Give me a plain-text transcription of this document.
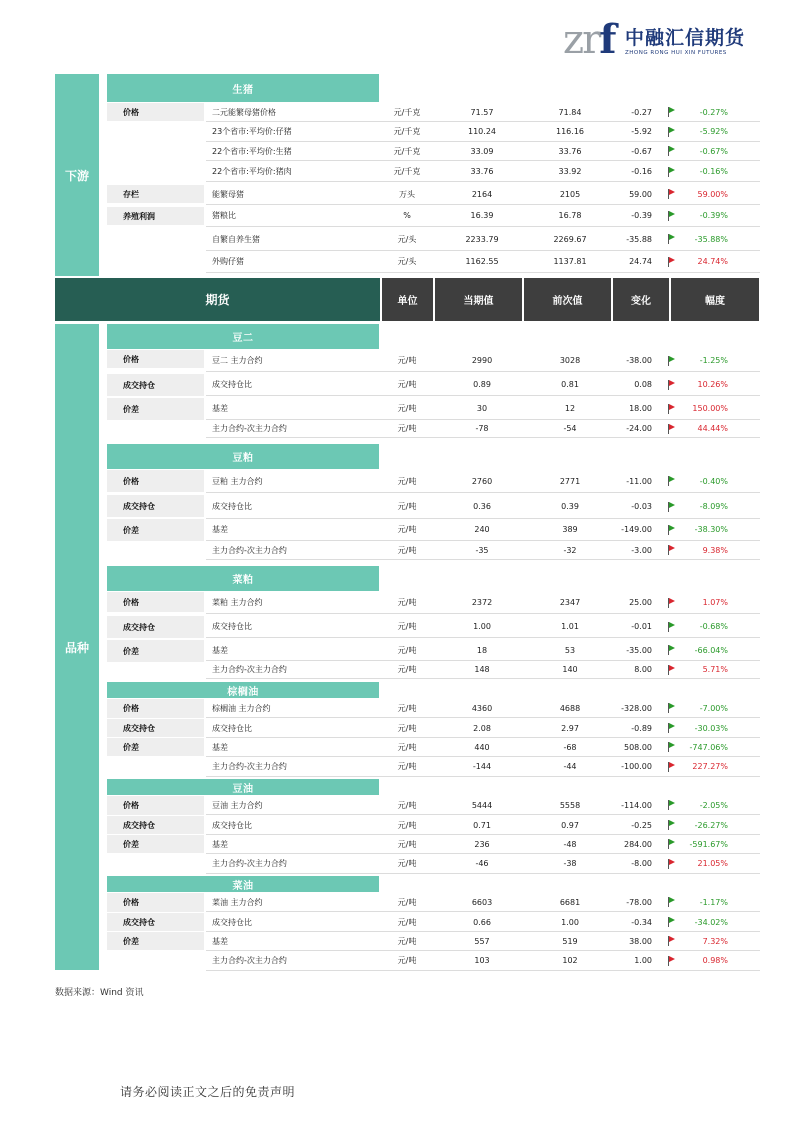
zrf 中融汇信期货
ZHONG RONG HUI XIN FUTURES
下游
生猪
价格
存栏
养殖利润
二元能繁母猪价格	元/千克	71.57	71.84	-0.27	-0.27%
23个省市:平均价:仔猪	元/千克	110.24	116.16	-5.92	-5.92%
22个省市:平均价:生猪	元/千克	33.09	33.76	-0.67	-0.67%
22个省市:平均价:猪肉	元/千克	33.76	33.92	-0.16	-0.16%
能繁母猪	万头	2164	2105	59.00	59.00%
猪粮比	%	16.39	16.78	-0.39	-0.39%
自繁自养生猪	元/头	2233.79	2269.67	-35.88	-35.88%
外购仔猪	元/头	1162.55	1137.81	24.74	24.74%
期货	单位	当期值	前次值	变化	幅度
品种
豆二
价格
成交持仓
价差
豆二 主力合约	元/吨	2990	3028	-38.00	-1.25%
成交持仓比	元/吨	0.89	0.81	0.08	10.26%
基差	元/吨	30	12	18.00	150.00%
主力合约-次主力合约	元/吨	-78	-54	-24.00	44.44%
豆粕
价格
成交持仓
价差
豆粕 主力合约	元/吨	2760	2771	-11.00	-0.40%
成交持仓比	元/吨	0.36	0.39	-0.03	-8.09%
基差	元/吨	240	389	-149.00	-38.30%
主力合约-次主力合约	元/吨	-35	-32	-3.00	9.38%
菜粕
价格
成交持仓
价差
菜粕 主力合约	元/吨	2372	2347	25.00	1.07%
成交持仓比	元/吨	1.00	1.01	-0.01	-0.68%
基差	元/吨	18	53	-35.00	-66.04%
主力合约-次主力合约	元/吨	148	140	8.00	5.71%
棕榈油
价格
成交持仓
价差
棕榈油 主力合约	元/吨	4360	4688	-328.00	-7.00%
成交持仓比	元/吨	2.08	2.97	-0.89	-30.03%
基差	元/吨	440	-68	508.00	-747.06%
主力合约-次主力合约	元/吨	-144	-44	-100.00	227.27%
豆油
价格
成交持仓
价差
豆油 主力合约	元/吨	5444	5558	-114.00	-2.05%
成交持仓比	元/吨	0.71	0.97	-0.25	-26.27%
基差	元/吨	236	-48	284.00	-591.67%
主力合约-次主力合约	元/吨	-46	-38	-8.00	21.05%
菜油
价格
成交持仓
价差
菜油 主力合约	元/吨	6603	6681	-78.00	-1.17%
成交持仓比	元/吨	0.66	1.00	-0.34	-34.02%
基差	元/吨	557	519	38.00	7.32%
主力合约-次主力合约	元/吨	103	102	1.00	0.98%
数据来源：Wind 资讯
请务必阅读正文之后的免责声明
